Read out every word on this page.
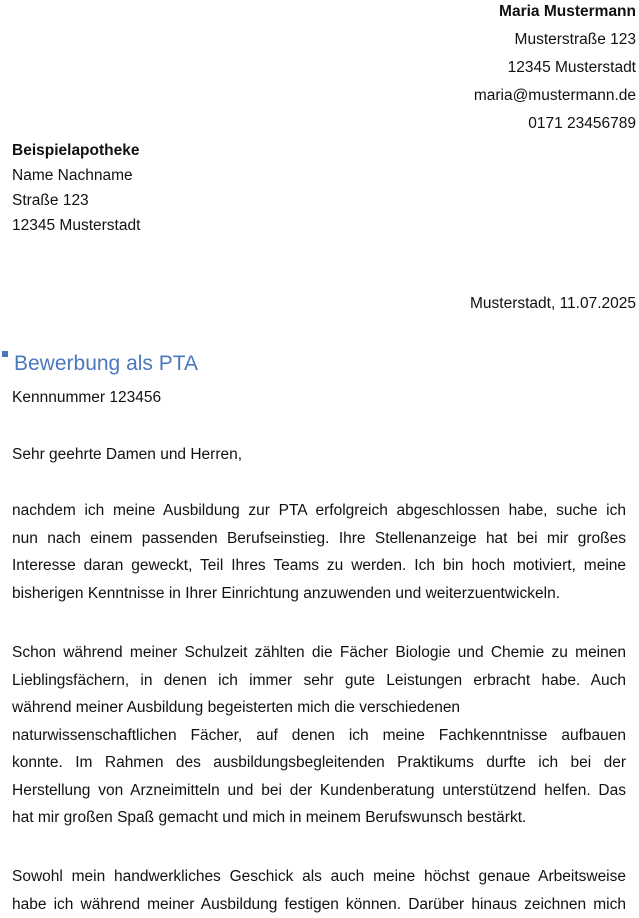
Maria Mustermann
Musterstraße 123
12345 Musterstadt
maria@mustermann.de
0171 23456789
Beispielapotheke
Name Nachname
Straße 123
12345 Musterstadt
Musterstadt, 11.07.2025
Bewerbung als PTA
Kennnummer 123456
Sehr geehrte Damen und Herren,
nachdem ich meine Ausbildung zur PTA erfolgreich abgeschlossen habe, suche ich
nun nach einem passenden Berufseinstieg. Ihre Stellenanzeige hat bei mir großes
Interesse daran geweckt, Teil Ihres Teams zu werden. Ich bin hoch motiviert, meine
bisherigen Kenntnisse in Ihrer Einrichtung anzuwenden und weiterzuentwickeln.
Schon während meiner Schulzeit zählten die Fächer Biologie und Chemie zu meinen
Lieblingsfächern, in denen ich immer sehr gute Leistungen erbracht habe. Auch
während meiner Ausbildung begeisterten mich die verschiedenen
naturwissenschaftlichen Fächer, auf denen ich meine Fachkenntnisse aufbauen
konnte. Im Rahmen des ausbildungsbegleitenden Praktikums durfte ich bei der
Herstellung von Arzneimitteln und bei der Kundenberatung unterstützend helfen. Das
hat mir großen Spaß gemacht und mich in meinem Berufswunsch bestärkt.
Sowohl mein handwerkliches Geschick als auch meine höchst genaue Arbeitsweise
habe ich während meiner Ausbildung festigen können. Darüber hinaus zeichnen mich
